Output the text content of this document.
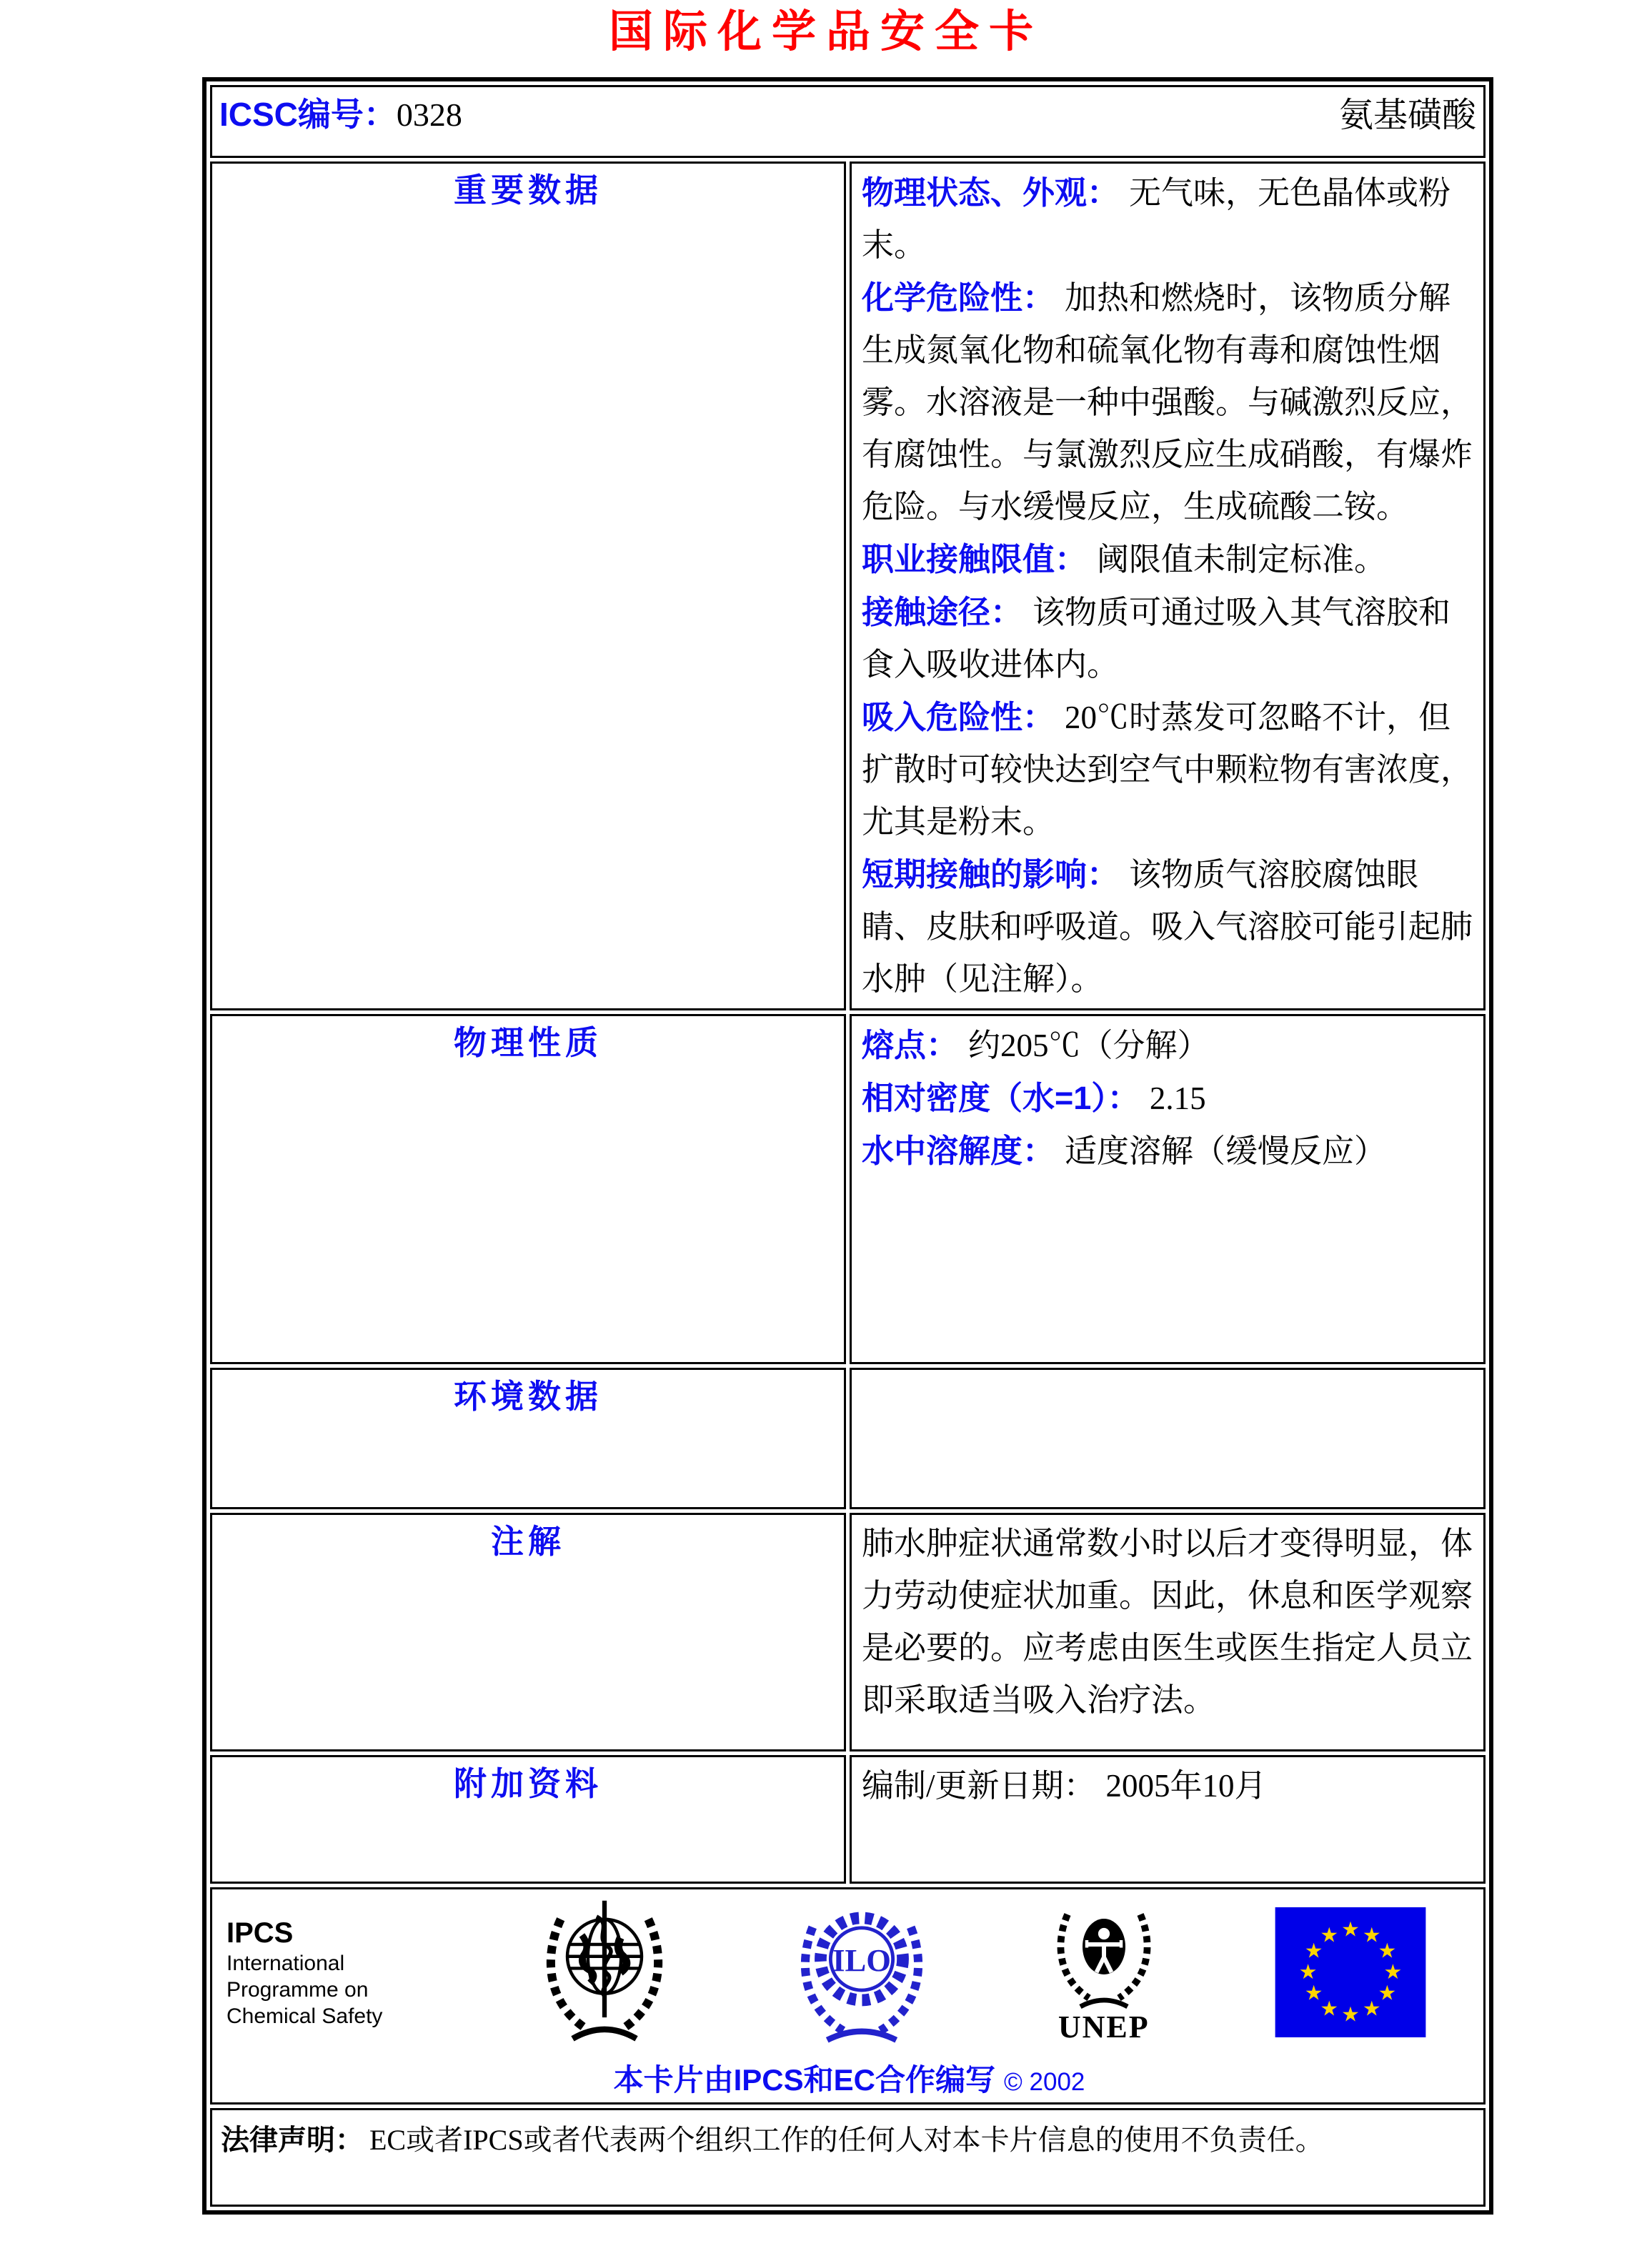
国际化学品安全卡
ICSC编号：0328 氨基磺酸	

重要数据	物理状态、外观： 无气味，无色晶体或粉末。

化学危险性： 加热和燃烧时，该物质分解生成氮氧化物和硫氧化物有毒和腐蚀性烟雾。水溶液是一种中强酸。与碱激烈反应，有腐蚀性。与氯激烈反应生成硝酸，有爆炸危险。与水缓慢反应，生成硫酸二铵。

职业接触限值： 阈限值未制定标准。

接触途径： 该物质可通过吸入其气溶胶和食入吸收进体内。

吸入危险性： 20℃时蒸发可忽略不计，但扩散时可较快达到空气中颗粒物有害浓度，尤其是粉末。

短期接触的影响： 该物质气溶胶腐蚀眼睛、皮肤和呼吸道。吸入气溶胶可能引起肺水肿（见注解）。

物理性质	熔点： 约205℃（分解）

相对密度（水=1）： 2.15

水中溶解度： 适度溶解（缓慢反应）

环境数据	
注解	肺水肿症状通常数小时以后才变得明显，体力劳动使症状加重。因此，休息和医学观察是必要的。应考虑由医生或医生指定人员立即采取适当吸入治疗法。

附加资料	编制/更新日期： 2005年10月

IPCS
International
Programme on
Chemical Safety
ILO
UNEP
★ ★
★
★
★
★
★
★
★
★
★
★
本卡片由IPCS和EC合作编写 © 2002

法律声明： EC或者IPCS或者代表两个组织工作的任何人对本卡片信息的使用不负责任。	
